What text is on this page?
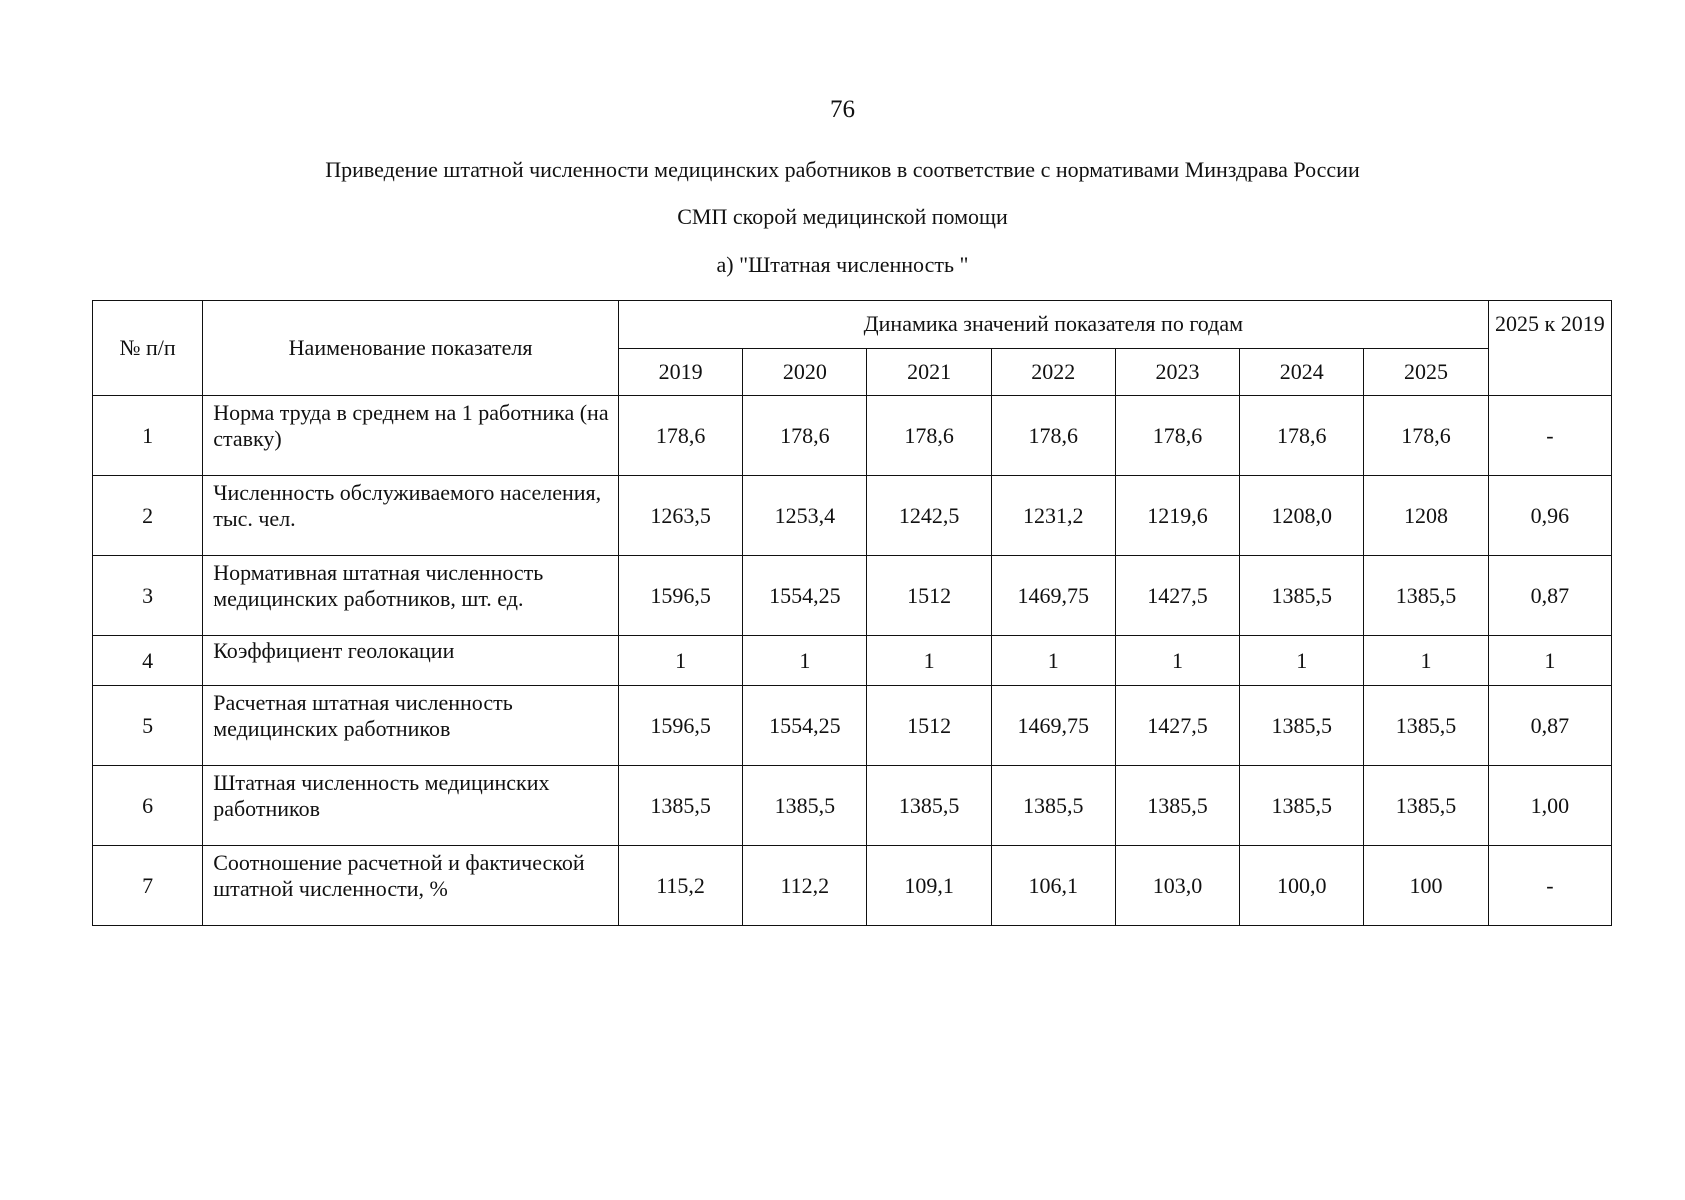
76
Приведение штатной численности медицинских работников в соответствие с нормативами Минздрава России
СМП скорой медицинской помощи
а) "Штатная численность "
№ п/п	Наименование показателя	Динамика значений показателя по годам							2025 к 2019
		2019	2020	2021	2022	2023	2024	2025	
1	Норма труда в среднем на 1 работника (на ставку)	178,6	178,6	178,6	178,6	178,6	178,6	178,6	-
2	Численность обслуживаемого населения, тыс. чел.	1263,5	1253,4	1242,5	1231,2	1219,6	1208,0	1208	0,96
3	Нормативная штатная численность медицинских работников, шт. ед.	1596,5	1554,25	1512	1469,75	1427,5	1385,5	1385,5	0,87
4	Коэффициент геолокации	1	1	1	1	1	1	1	1
5	Расчетная штатная численность медицинских работников	1596,5	1554,25	1512	1469,75	1427,5	1385,5	1385,5	0,87
6	Штатная численность медицинских работников	1385,5	1385,5	1385,5	1385,5	1385,5	1385,5	1385,5	1,00
7	Соотношение расчетной и фактической штатной численности, %	115,2	112,2	109,1	106,1	103,0	100,0	100	-
